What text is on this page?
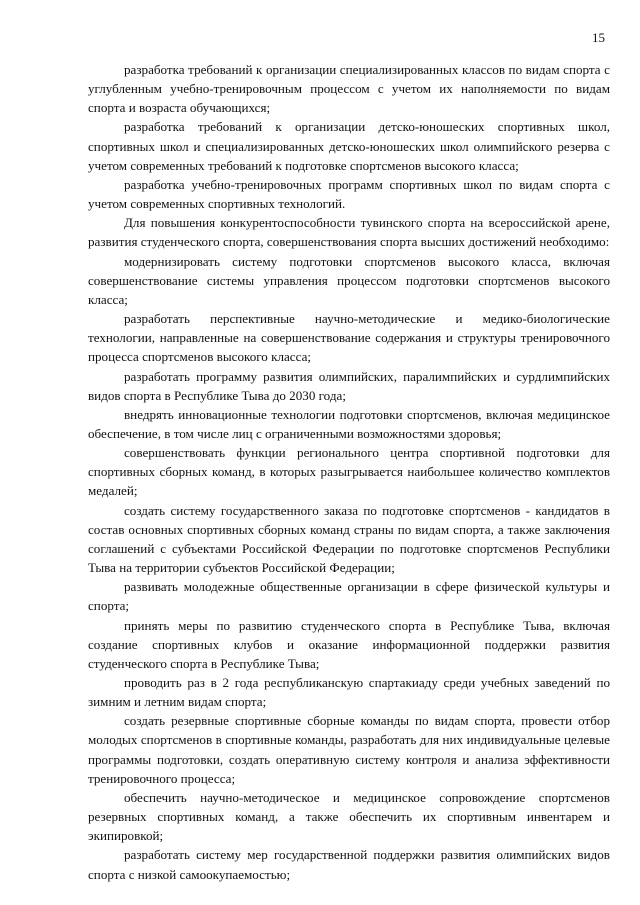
15

разработка требований к организации специализированных классов по видам спорта с углубленным учебно-тренировочным процессом с учетом их наполняемости по видам спорта и возраста обучающихся;

разработка требований к организации детско-юношеских спортивных школ, спортивных школ и специализированных детско-юношеских школ олимпийского резерва с учетом современных требований к подготовке спортсменов высокого класса;

разработка учебно-тренировочных программ спортивных школ по видам спорта с учетом современных спортивных технологий.

Для повышения конкурентоспособности тувинского спорта на всероссийской арене, развития студенческого спорта, совершенствования спорта высших достижений необходимо:

модернизировать систему подготовки спортсменов высокого класса, включая совершенствование системы управления процессом подготовки спортсменов высокого класса;

разработать перспективные научно-методические и медико-биологические технологии, направленные на совершенствование содержания и структуры тренировочного процесса спортсменов высокого класса;

разработать программу развития олимпийских, паралимпийских и сурдлимпийских видов спорта в Республике Тыва до 2030 года;

внедрять инновационные технологии подготовки спортсменов, включая медицинское обеспечение, в том числе лиц с ограниченными возможностями здоровья;

совершенствовать функции регионального центра спортивной подготовки для спортивных сборных команд, в которых разыгрывается наибольшее количество комплектов медалей;

создать систему государственного заказа по подготовке спортсменов - кандидатов в состав основных спортивных сборных команд страны по видам спорта, а также заключения соглашений с субъектами Российской Федерации по подготовке спортсменов Республики Тыва на территории субъектов Российской Федерации;

развивать молодежные общественные организации в сфере физической культуры и спорта;

принять меры по развитию студенческого спорта в Республике Тыва, включая создание спортивных клубов и оказание информационной поддержки развития студенческого спорта в Республике Тыва;

проводить раз в 2 года республиканскую спартакиаду среди учебных заведений по зимним и летним видам спорта;

создать резервные спортивные сборные команды по видам спорта, провести отбор молодых спортсменов в спортивные команды, разработать для них индивидуальные целевые программы подготовки, создать оперативную систему контроля и анализа эффективности тренировочного процесса;

обеспечить научно-методическое и медицинское сопровождение спортсменов резервных спортивных команд, а также обеспечить их спортивным инвентарем и экипировкой;

разработать систему мер государственной поддержки развития олимпийских видов спорта с низкой самоокупаемостью;
